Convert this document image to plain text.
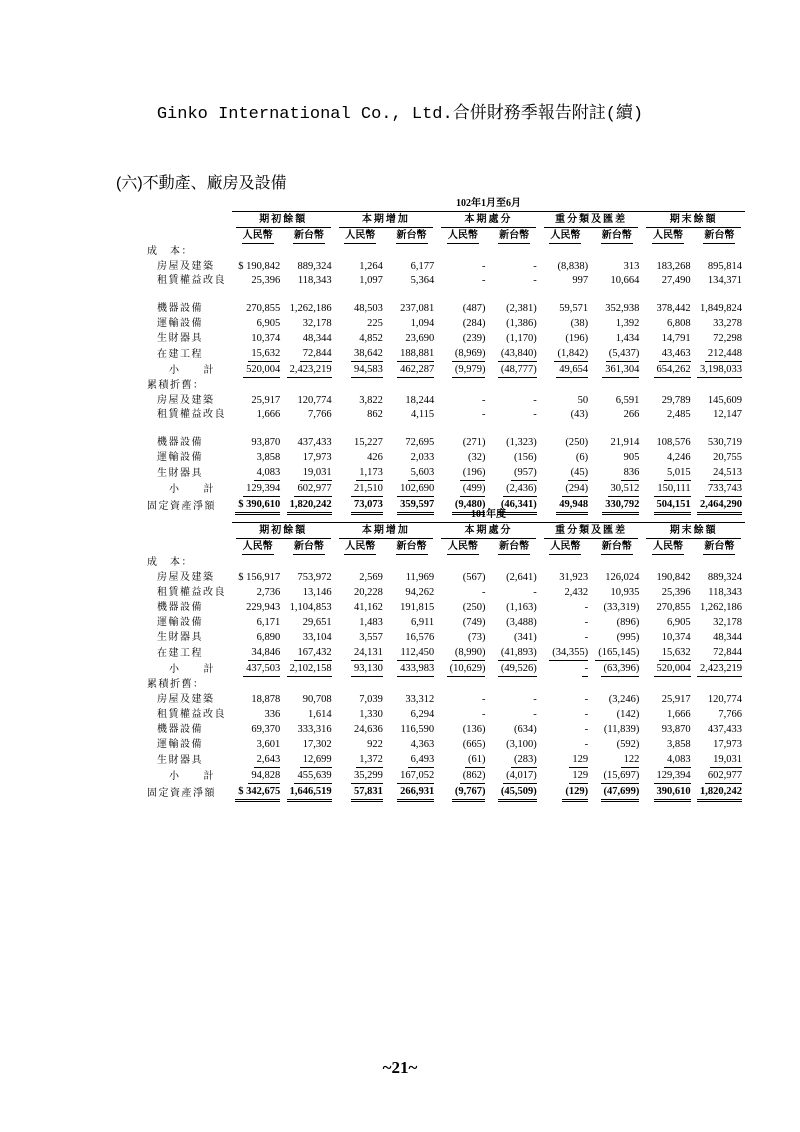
Ginko International Co., Ltd.合併財務季報告附註(續)
(六)不動產、廠房及設備
	102年1月至6月									

	期初餘額		本期增加		本期處分		重分類及匯差		期末餘額	

	人民幣	新台幣	人民幣	新台幣	人民幣	新台幣	人民幣	新台幣	人民幣	新台幣
成　本：										
房屋及建築	$ 190,842	889,324	1,264	6,177	-	-	(8,838)	313	183,268	895,814
租賃權益改良	25,396	118,343	1,097	5,364	-	-	997	10,664	27,490	134,371
機器設備	270,855	1,262,186	48,503	237,081	(487)	(2,381)	59,571	352,938	378,442	1,849,824
運輸設備	6,905	32,178	225	1,094	(284)	(1,386)	(38)	1,392	6,808	33,278
生財器具	10,374	48,344	4,852	23,690	(239)	(1,170)	(196)	1,434	14,791	72,298
在建工程	15,632	72,844	38,642	188,881	(8,969)	(43,840)	(1,842)	(5,437)	43,463	212,448
小　　計	520,004	2,423,219	94,583	462,287	(9,979)	(48,777)	49,654	361,304	654,262	3,198,033
累積折舊：										
房屋及建築	25,917	120,774	3,822	18,244	-	-	50	6,591	29,789	145,609
租賃權益改良	1,666	7,766	862	4,115	-	-	(43)	266	2,485	12,147
機器設備	93,870	437,433	15,227	72,695	(271)	(1,323)	(250)	21,914	108,576	530,719
運輸設備	3,858	17,973	426	2,033	(32)	(156)	(6)	905	4,246	20,755
生財器具	4,083	19,031	1,173	5,603	(196)	(957)	(45)	836	5,015	24,513
小　　計	129,394	602,977	21,510	102,690	(499)	(2,436)	(294)	30,512	150,111	733,743
固定資產淨額	$ 390,610	1,820,242	73,073	359,597	(9,480)	(46,341)	49,948	330,792	504,151	2,464,290
	101年度									

	期初餘額		本期增加		本期處分		重分類及匯差		期末餘額	

	人民幣	新台幣	人民幣	新台幣	人民幣	新台幣	人民幣	新台幣	人民幣	新台幣
成　本：										
房屋及建築	$ 156,917	753,972	2,569	11,969	(567)	(2,641)	31,923	126,024	190,842	889,324
租賃權益改良	2,736	13,146	20,228	94,262	-	-	2,432	10,935	25,396	118,343
機器設備	229,943	1,104,853	41,162	191,815	(250)	(1,163)	-	(33,319)	270,855	1,262,186
運輸設備	6,171	29,651	1,483	6,911	(749)	(3,488)	-	(896)	6,905	32,178
生財器具	6,890	33,104	3,557	16,576	(73)	(341)	-	(995)	10,374	48,344
在建工程	34,846	167,432	24,131	112,450	(8,990)	(41,893)	(34,355)	(165,145)	15,632	72,844
小　　計	437,503	2,102,158	93,130	433,983	(10,629)	(49,526)	-	(63,396)	520,004	2,423,219
累積折舊：										
房屋及建築	18,878	90,708	7,039	33,312	-	-	-	(3,246)	25,917	120,774
租賃權益改良	336	1,614	1,330	6,294	-	-	-	(142)	1,666	7,766
機器設備	69,370	333,316	24,636	116,590	(136)	(634)	-	(11,839)	93,870	437,433
運輸設備	3,601	17,302	922	4,363	(665)	(3,100)	-	(592)	3,858	17,973
生財器具	2,643	12,699	1,372	6,493	(61)	(283)	129	122	4,083	19,031
小　　計	94,828	455,639	35,299	167,052	(862)	(4,017)	129	(15,697)	129,394	602,977
固定資產淨額	$ 342,675	1,646,519	57,831	266,931	(9,767)	(45,509)	(129)	(47,699)	390,610	1,820,242
~21~
